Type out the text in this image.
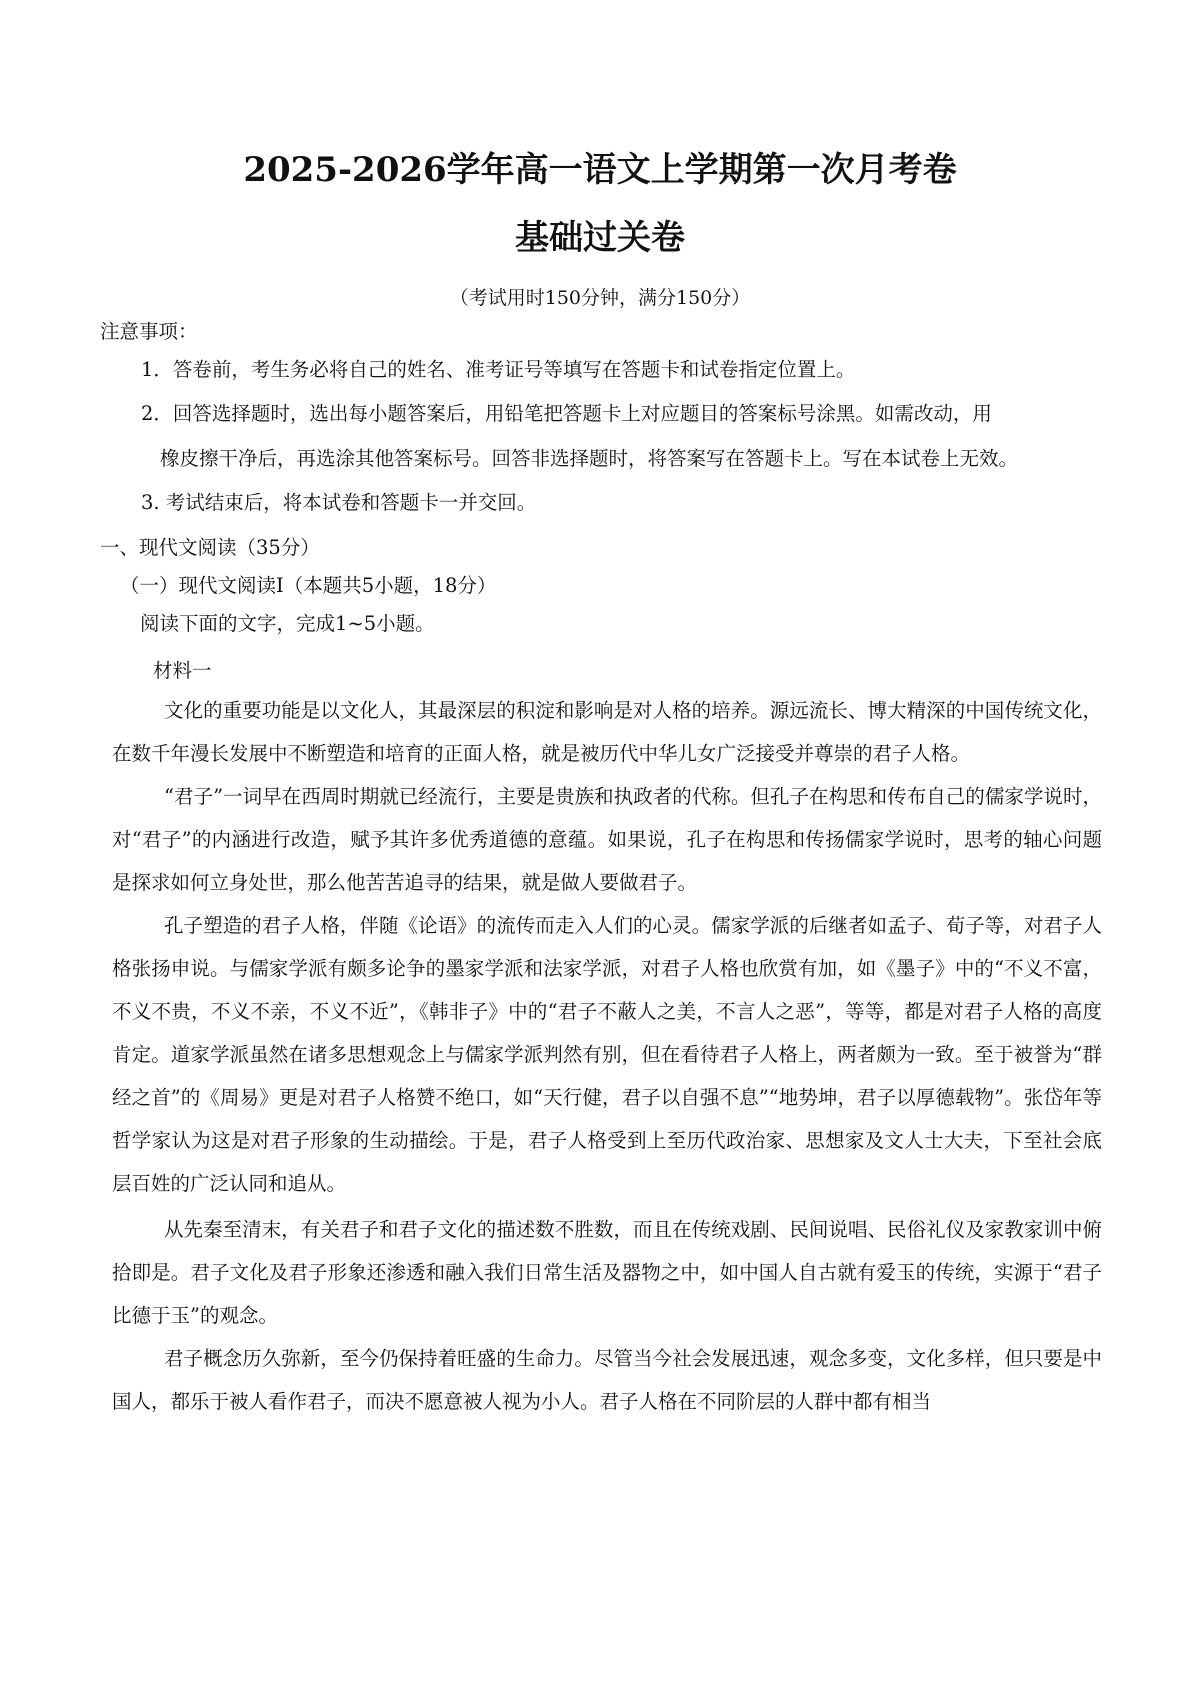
2025-2026学年高一语文上学期第一次月考卷
基础过关卷
（考试用时150分钟，满分150分）
注意事项：
1．答卷前，考生务必将自己的姓名、准考证号等填写在答题卡和试卷指定位置上。
2．回答选择题时，选出每小题答案后，用铅笔把答题卡上对应题目的答案标号涂黑。如需改动，用
橡皮擦干净后，再选涂其他答案标号。回答非选择题时，将答案写在答题卡上。写在本试卷上无效。
3. 考试结束后，将本试卷和答题卡一并交回。
一、现代文阅读（35分）
（一）现代文阅读Ⅰ（本题共5小题，18分）
阅读下面的文字，完成1~5小题。
材料一
文化的重要功能是以文化人，其最深层的积淀和影响是对人格的培养。源远流长、博大精深的中国传统文化，在数千年漫长发展中不断塑造和培育的正面人格，就是被历代中华儿女广泛接受并尊崇的君子人格。
“君子”一词早在西周时期就已经流行，主要是贵族和执政者的代称。但孔子在构思和传布自己的儒家学说时，对“君子”的内涵进行改造，赋予其许多优秀道德的意蕴。如果说，孔子在构思和传扬儒家学说时，思考的轴心问题是探求如何立身处世，那么他苦苦追寻的结果，就是做人要做君子。
孔子塑造的君子人格，伴随《论语》的流传而走入人们的心灵。儒家学派的后继者如孟子、荀子等，对君子人格张扬申说。与儒家学派有颇多论争的墨家学派和法家学派，对君子人格也欣赏有加，如《墨子》中的“不义不富，不义不贵，不义不亲，不义不近”，《韩非子》中的“君子不蔽人之美，不言人之恶”，等等，都是对君子人格的高度肯定。道家学派虽然在诸多思想观念上与儒家学派判然有别，但在看待君子人格上，两者颇为一致。至于被誉为“群经之首”的《周易》更是对君子人格赞不绝口，如“天行健，君子以自强不息”“地势坤，君子以厚德载物”。张岱年等哲学家认为这是对君子形象的生动描绘。于是，君子人格受到上至历代政治家、思想家及文人士大夫，下至社会底层百姓的广泛认同和追从。
从先秦至清末，有关君子和君子文化的描述数不胜数，而且在传统戏剧、民间说唱、民俗礼仪及家教家训中俯拾即是。君子文化及君子形象还渗透和融入我们日常生活及器物之中，如中国人自古就有爱玉的传统，实源于“君子比德于玉”的观念。
君子概念历久弥新，至今仍保持着旺盛的生命力。尽管当今社会发展迅速，观念多变，文化多样，但只要是中国人，都乐于被人看作君子，而决不愿意被人视为小人。君子人格在不同阶层的人群中都有相当
